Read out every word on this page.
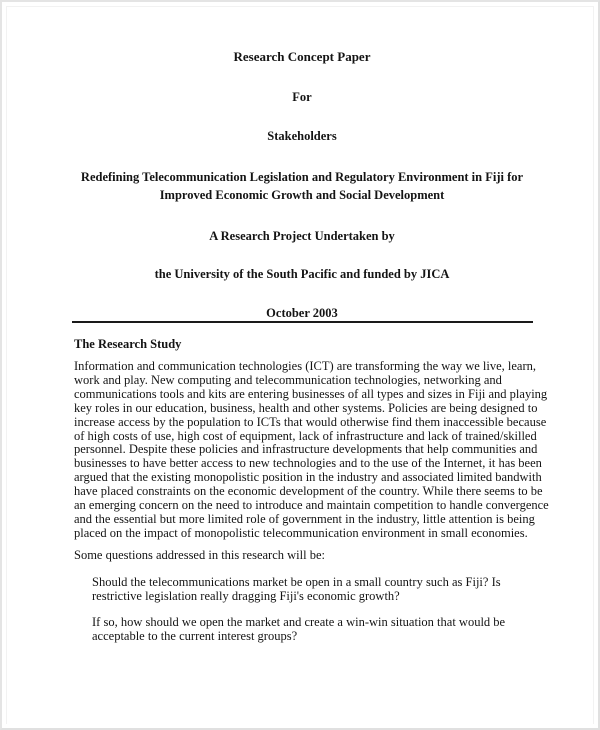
Research Concept Paper
For
Stakeholders
Redefining Telecommunication Legislation and Regulatory Environment in Fiji for
Improved Economic Growth and Social Development
A Research Project Undertaken by
the University of the South Pacific and funded by JICA
October 2003
The Research Study
Information and communication technologies (ICT) are transforming the way we live, learn,
work and play. New computing and telecommunication technologies, networking and
communications tools and kits are entering businesses of all types and sizes in Fiji and playing
key roles in our education, business, health and other systems. Policies are being designed to
increase access by the population to ICTs that would otherwise find them inaccessible because
of high costs of use, high cost of equipment, lack of infrastructure and lack of trained/skilled
personnel. Despite these policies and infrastructure developments that help communities and
businesses to have better access to new technologies and to the use of the Internet, it has been
argued that the existing monopolistic position in the industry and associated limited bandwith
have placed constraints on the economic development of the country. While there seems to be
an emerging concern on the need to introduce and maintain competition to handle convergence
and the essential but more limited role of government in the industry, little attention is being
placed on the impact of monopolistic telecommunication environment in small economies.
Some questions addressed in this research will be:
Should the telecommunications market be open in a small country such as Fiji? Is
restrictive legislation really dragging Fiji's economic growth?
If so, how should we open the market and create a win-win situation that would be
acceptable to the current interest groups?
